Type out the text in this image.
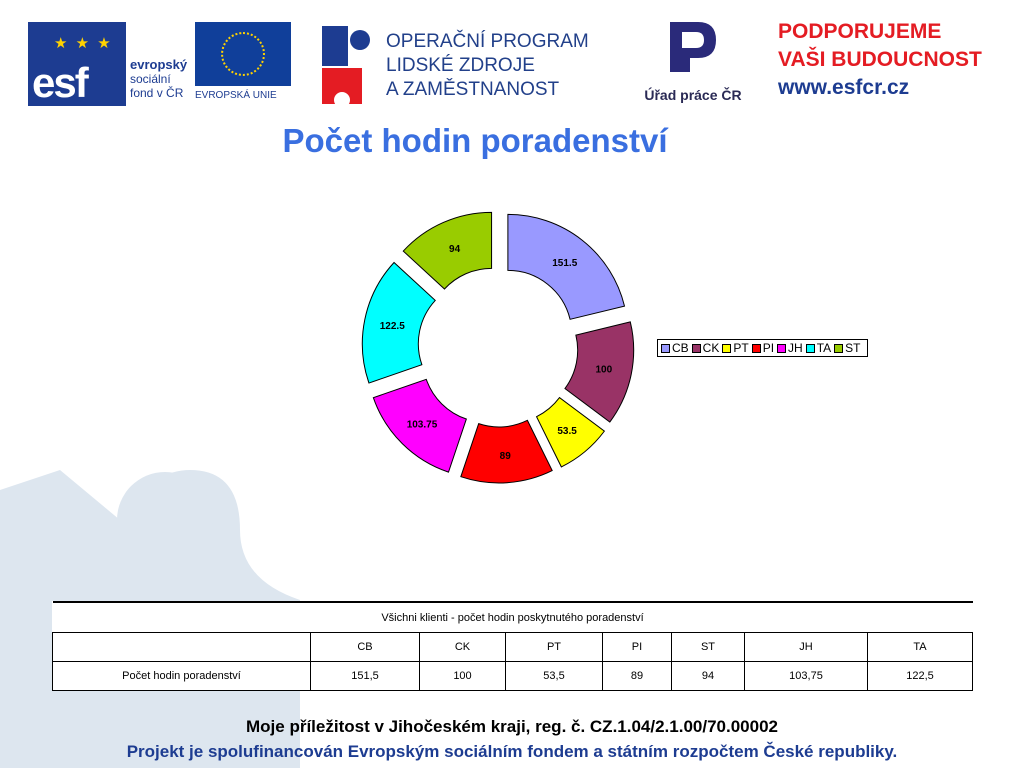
★ ★ ★
esf	evropský
sociální
fond v ČR	EVROPSKÁ UNIE
OPERAČNÍ PROGRAM
LIDSKÉ ZDROJE
A ZAMĚSTNANOST	Úřad práce ČR
PODPORUJEME
VAŠI BUDOUCNOST
www.esfcr.cz
Počet hodin poradenství
151.5
100
53.5
89
103.75
122.5
94
CB CK PT PI JH TA ST
Všichni klienti - počet hodin poskytnutého poradenství							
	CB	CK	PT	PI	ST	JH	TA
Počet hodin poradenství	151,5	100	53,5	89	94	103,75	122,5
Moje příležitost v Jihočeském kraji, reg. č. CZ.1.04/2.1.00/70.00002
Projekt je spolufinancován Evropským sociálním fondem a státním rozpočtem České republiky.
